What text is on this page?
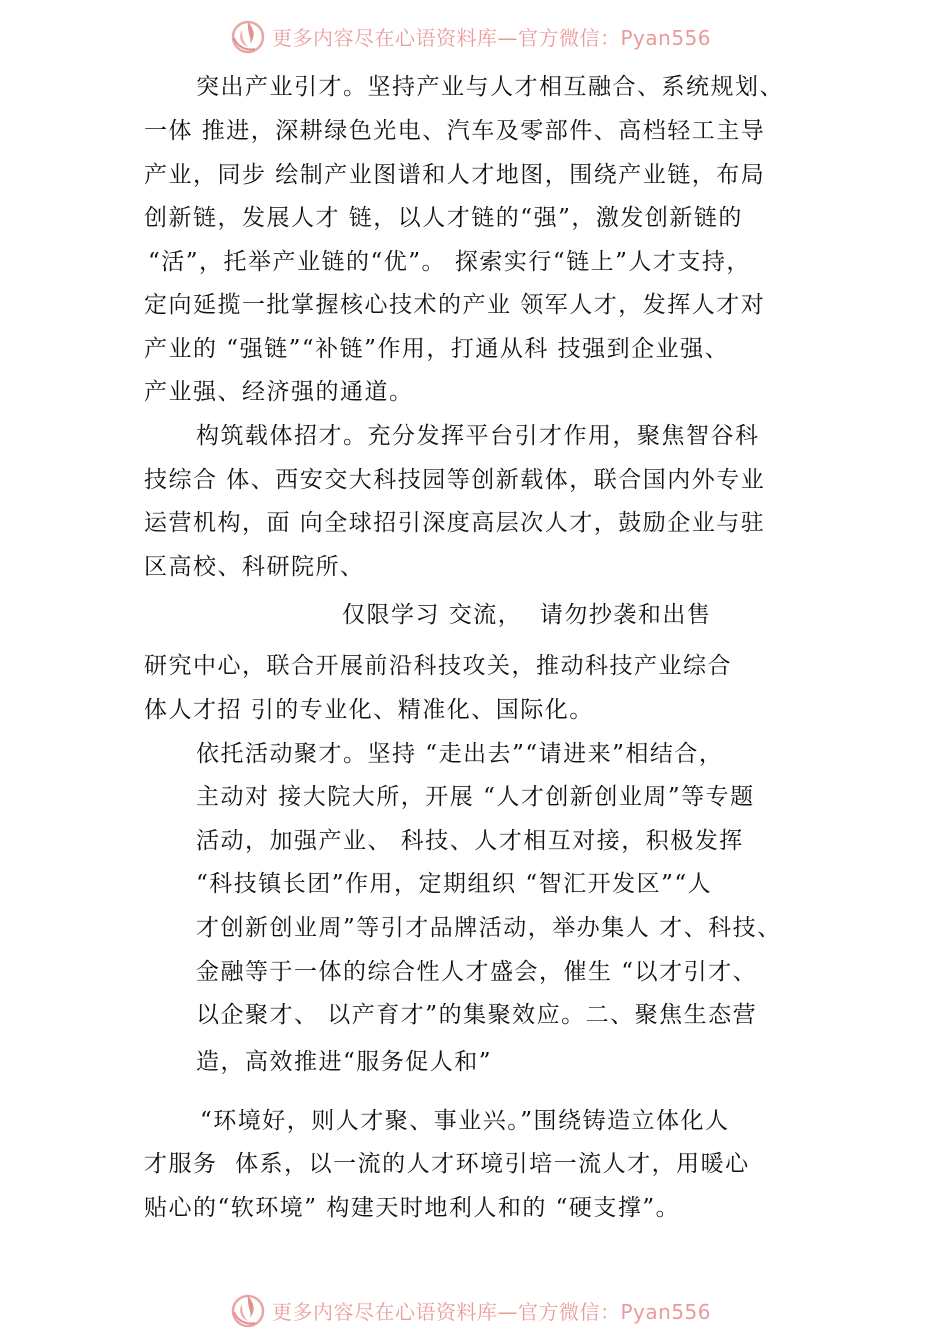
更多内容尽在心语资料库—官方微信：Pyan556

突出产业引才。坚持产业与人才相互融合、系统规划、

一体 推进，深耕绿色光电、汽车及零部件、高档轻工主导

产业，同步 绘制产业图谱和人才地图，围绕产业链，布局

创新链，发展人才 链，以人才链的“强”，激发创新链的

“活”，托举产业链的“优”。 探索实行“链上”人才支持，

定向延揽一批掌握核心技术的产业 领军人才，发挥人才对

产业的 “强链”“补链”作用，打通从科 技强到企业强、

产业强、经济强的通道。

构筑载体招才。充分发挥平台引才作用，聚焦智谷科

技综合 体、西安交大科技园等创新载体，联合国内外专业

运营机构，面 向全球招引深度高层次人才，鼓励企业与驻

区高校、科研院所、

仅限学习 交流，  请勿抄袭和出售

研究中心，联合开展前沿科技攻关，推动科技产业综合

体人才招 引的专业化、精准化、国际化。

依托活动聚才。坚持 “走出去”“请进来”相结合，

主动对 接大院大所，开展 “人才创新创业周”等专题

活动，加强产业、 科技、人才相互对接，积极发挥

“科技镇长团”作用，定期组织 “智汇开发区”“人

才创新创业周”等引才品牌活动，举办集人 才、科技、

金融等于一体的综合性人才盛会，催生 “以才引才、

以企聚才、 以产育才”的集聚效应。二、聚焦生态营

造，高效推进“服务促人和”

“环境好，则人才聚、事业兴。”围绕铸造立体化人

才服务  体系，以一流的人才环境引培一流人才，用暖心

贴心的“软环境” 构建天时地利人和的 “硬支撑”。

更多内容尽在心语资料库—官方微信：Pyan556
